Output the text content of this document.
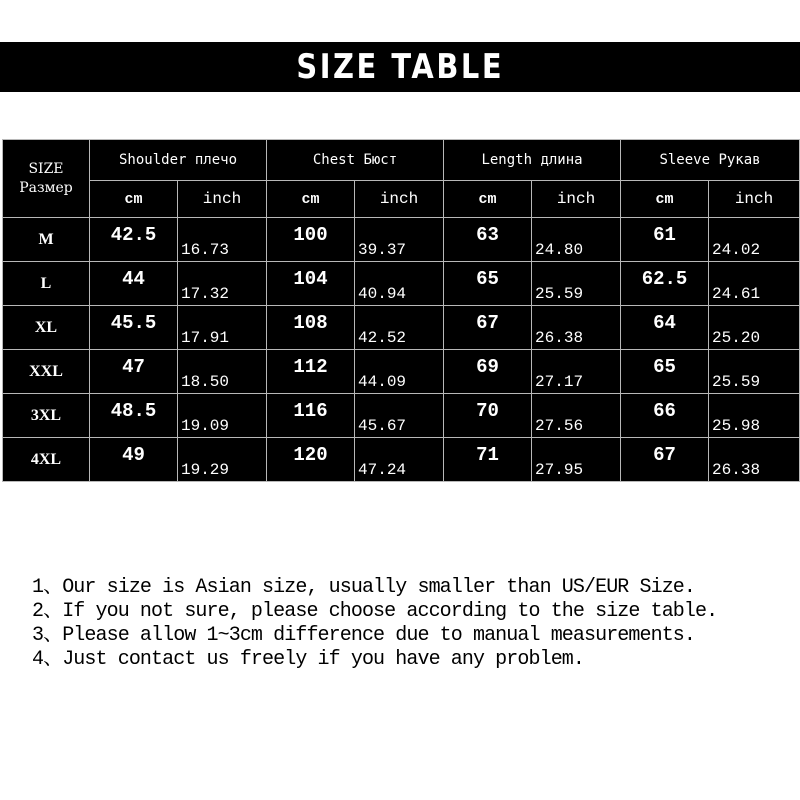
SIZE TABLE
SIZE
Размер	Shoulder плечо		Chest Бюст		Length длина		Sleeve Рукав	
	cm	inch	cm	inch	cm	inch	cm	inch
M	42.5	16.73	100	39.37	63	24.80	61	24.02
L	44	17.32	104	40.94	65	25.59	62.5	24.61
XL	45.5	17.91	108	42.52	67	26.38	64	25.20
XXL	47	18.50	112	44.09	69	27.17	65	25.59
3XL	48.5	19.09	116	45.67	70	27.56	66	25.98
4XL	49	19.29	120	47.24	71	27.95	67	26.38
1、Our size is Asian size, usually smaller than US/EUR Size.
2、If you not sure, please choose according to the size table.
3、Please allow 1~3cm difference due to manual measurements.
4、Just contact us freely if you have any problem.
